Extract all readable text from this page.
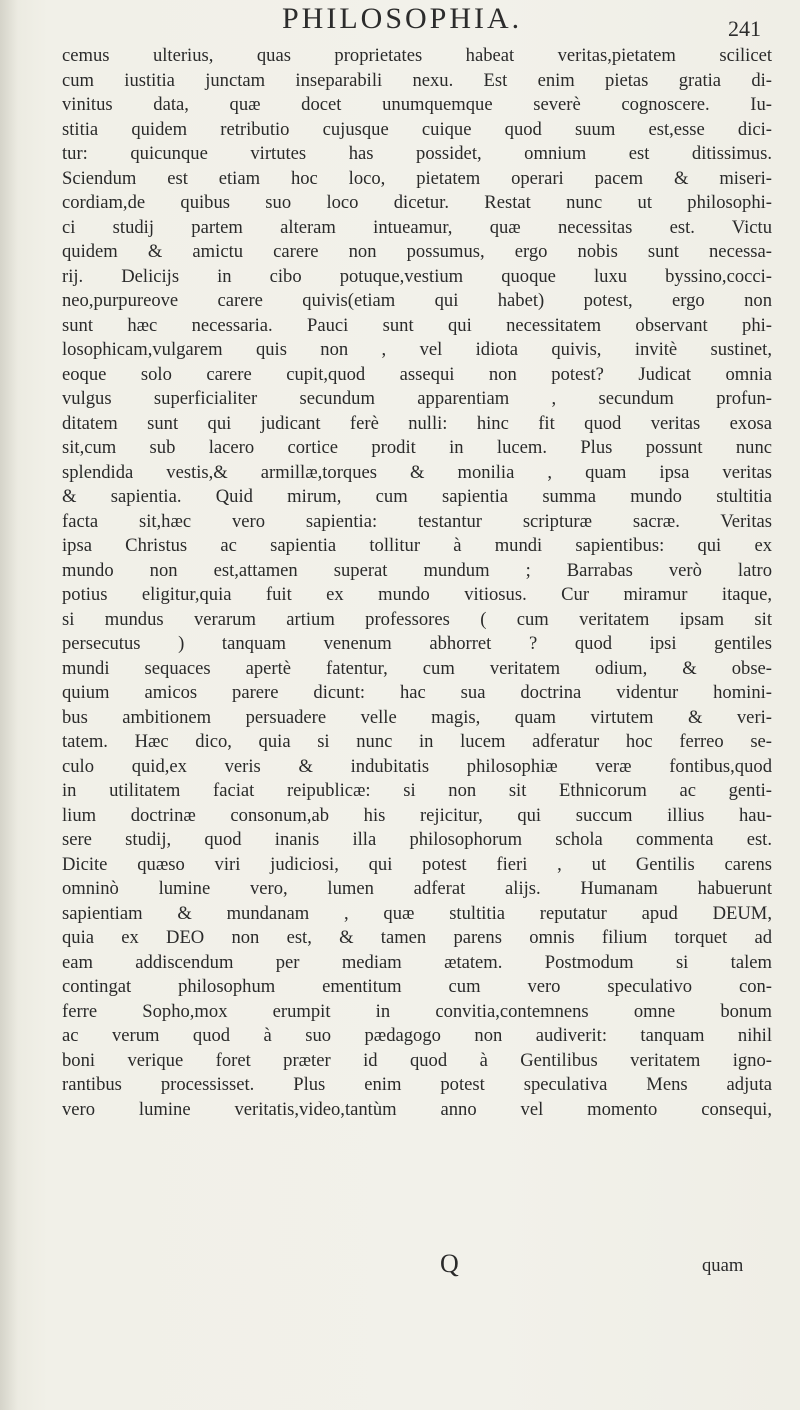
PHILOSOPHIA.	241
cemus ulterius, quas proprietates habeat veritas,pietatem scilicet
cum iustitia junctam inseparabili nexu. Est enim pietas gratia di-
vinitus data, quæ docet unumquemque severè cognoscere. Iu-
stitia quidem retributio cujusque cuique quod suum est,esse dici-
tur: quicunque virtutes has possidet, omnium est ditissimus.
Sciendum est etiam hoc loco, pietatem operari pacem & miseri-
cordiam,de quibus suo loco dicetur. Restat nunc ut philosophi-
ci studij partem alteram intueamur, quæ necessitas est. Victu
quidem & amictu carere non possumus, ergo nobis sunt necessa-
rij. Delicijs in cibo potuque,vestium quoque luxu byssino,cocci-
neo,purpureove carere quivis(etiam qui habet) potest, ergo non
sunt hæc necessaria. Pauci sunt qui necessitatem observant phi-
losophicam,vulgarem quis non , vel idiota quivis, invitè sustinet,
eoque solo carere cupit,quod assequi non potest? Judicat omnia
vulgus superficialiter secundum apparentiam , secundum profun-
ditatem sunt qui judicant ferè nulli: hinc fit quod veritas exosa
sit,cum sub lacero cortice prodit in lucem. Plus possunt nunc
splendida vestis,& armillæ,torques & monilia , quam ipsa veritas
& sapientia. Quid mirum, cum sapientia summa mundo stultitia
facta sit,hæc vero sapientia: testantur scripturæ sacræ. Veritas
ipsa Christus ac sapientia tollitur à mundi sapientibus: qui ex
mundo non est,attamen superat mundum ; Barrabas verò latro
potius eligitur,quia fuit ex mundo vitiosus. Cur miramur itaque,
si mundus verarum artium professores ( cum veritatem ipsam sit
persecutus ) tanquam venenum abhorret ? quod ipsi gentiles
mundi sequaces apertè fatentur, cum veritatem odium, & obse-
quium amicos parere dicunt: hac sua doctrina videntur homini-
bus ambitionem persuadere velle magis, quam virtutem & veri-
tatem. Hæc dico, quia si nunc in lucem adferatur hoc ferreo se-
culo quid,ex veris & indubitatis philosophiæ veræ fontibus,quod
in utilitatem faciat reipublicæ: si non sit Ethnicorum ac genti-
lium doctrinæ consonum,ab his rejicitur, qui succum illius hau-
sere studij, quod inanis illa philosophorum schola commenta est.
Dicite quæso viri judiciosi, qui potest fieri , ut Gentilis carens
omninò lumine vero, lumen adferat alijs. Humanam habuerunt
sapientiam & mundanam , quæ stultitia reputatur apud DEUM,
quia ex DEO non est, & tamen parens omnis filium torquet ad
eam addiscendum per mediam ætatem. Postmodum si talem
contingat philosophum ementitum cum vero speculativo con-
ferre Sopho,mox erumpit in convitia,contemnens omne bonum
ac verum quod à suo pædagogo non audiverit: tanquam nihil
boni verique foret præter id quod à Gentilibus veritatem igno-
rantibus processisset. Plus enim potest speculativa Mens adjuta
vero lumine veritatis,video,tantùm anno vel momento consequi,
Q	quam
